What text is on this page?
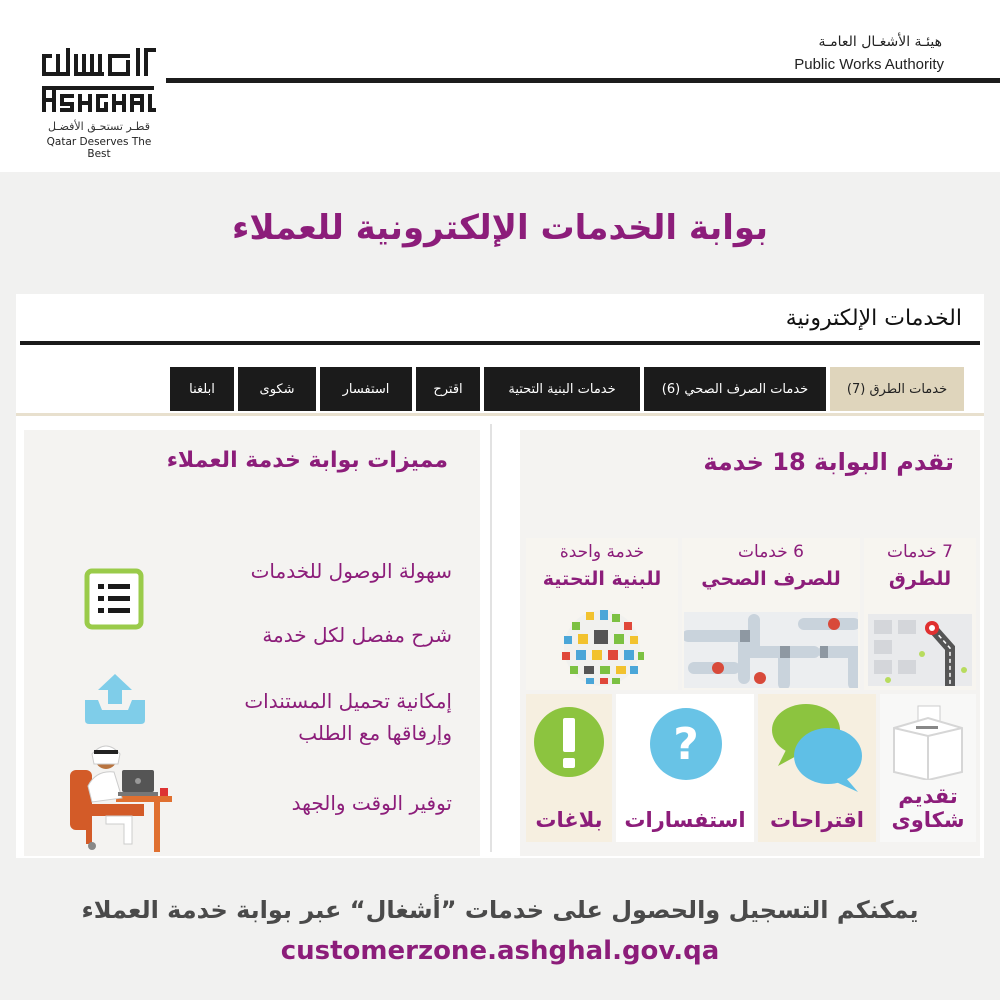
قطـر تستحـق الأفضـل
Qatar Deserves The Best
هيئـة الأشغـال العامـة
Public Works Authority
بوابة الخدمات الإلكترونية للعملاء
الخدمات الإلكترونية
خدمات الطرق (7)
خدمات الصرف الصحي (6)
خدمات البنية التحتية
اقترح
استفسار
شكوى
ابلغنا
مميزات بوابة خدمة العملاء
سهولة الوصول للخدمات
شرح مفصل لكل خدمة
إمكانية تحميل المستندات
وإرفاقها مع الطلب
توفير الوقت والجهد
تقدم البوابة 18 خدمة
7 خدمات
للطرق
6 خدمات
للصرف الصحي
خدمة واحدة
للبنية التحتية
تقديم
شكاوى
اقتراحات
?
استفسارات
بلاغات
يمكنكم التسجيل والحصول على خدمات ”أشغال“ عبر بوابة خدمة العملاء
customerzone.ashghal.gov.qa
